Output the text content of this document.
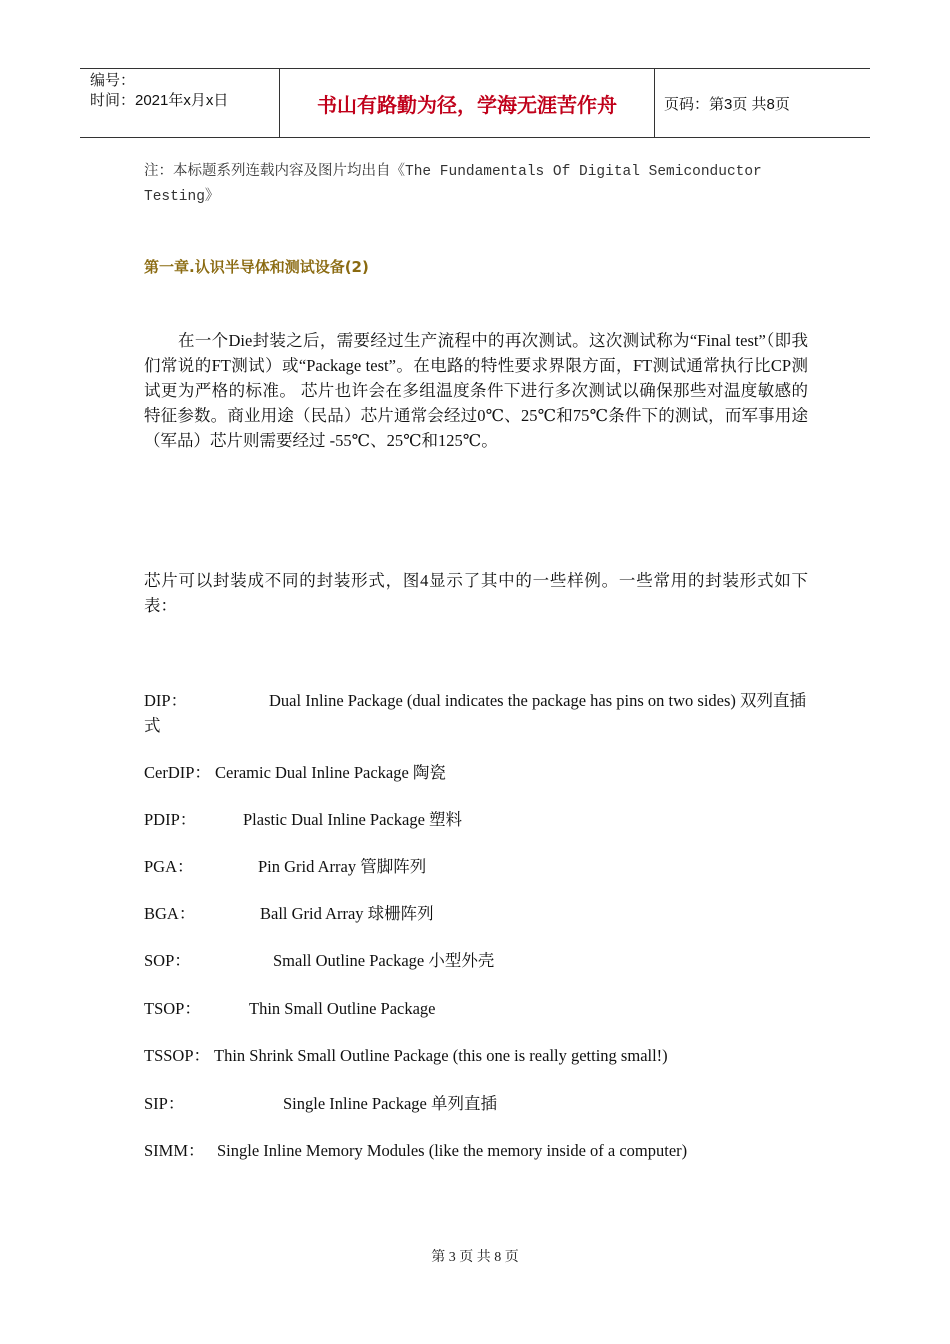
编号：
时间：2021年x月x日	书山有路勤为径，学海无涯苦作舟	页码：第3页 共8页
注：本标题系列连载内容及图片均出自《The Fundamentals Of Digital Semiconductor Testing》
第一章.认识半导体和测试设备(2)
在一个Die封装之后，需要经过生产流程中的再次测试。这次测试称为“Final test”（即我们常说的FT测试）或“Package test”。在电路的特性要求界限方面，FT测试通常执行比CP测试更为严格的标准。 芯片也许会在多组温度条件下进行多次测试以确保那些对温度敏感的特征参数。商业用途（民品）芯片通常会经过0℃、25℃和75℃条件下的测试，而军事用途（军品）芯片则需要经过 -55℃、25℃和125℃。
芯片可以封装成不同的封装形式，图4显示了其中的一些样例。一些常用的封装形式如下表：
DIP：	Dual Inline Package (dual indicates the package has pins on two sides) 双列直插式
CerDIP： Ceramic Dual Inline Package 陶瓷
PDIP：	Plastic Dual Inline Package 塑料
PGA：	Pin Grid Array 管脚阵列
BGA：	Ball Grid Array 球栅阵列
SOP：	Small Outline Package 小型外壳
TSOP：	Thin Small Outline Package
TSSOP： Thin Shrink Small Outline Package (this one is really getting small!)
SIP：	Single Inline Package 单列直插
SIMM： Single Inline Memory Modules (like the memory inside of a computer)
第 3 页 共 8 页
